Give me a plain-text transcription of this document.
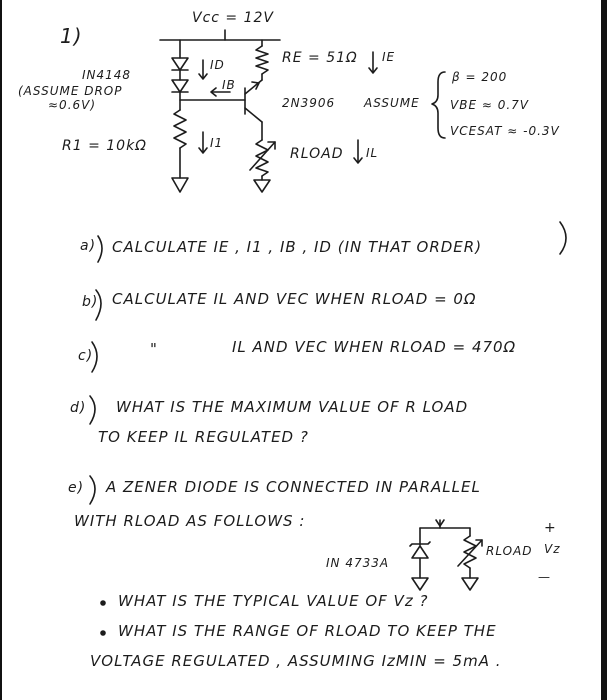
1)
Vcc = 12V
IN4148
(ASSUME DROP
≈0.6V)
ID
IB
R1 = 10kΩ	I1
RE = 51Ω IE
2N3906 ASSUME
β = 200
VBE ≈ 0.7V
VCESAT ≈ -0.3V
RLOAD IL
a) CALCULATE IE , I1 , IB , ID (IN THAT ORDER)
b) CALCULATE IL AND VEC WHEN RLOAD = 0Ω
c)	"	IL AND VEC WHEN RLOAD = 470Ω
d) WHAT IS THE MAXIMUM VALUE OF R LOAD
TO KEEP IL REGULATED ?
e) A ZENER DIODE IS CONNECTED IN PARALLEL
WITH RLOAD AS FOLLOWS :
IN 4733A
RLOAD Vz
+
—
WHAT IS THE TYPICAL VALUE OF Vz ?
WHAT IS THE RANGE OF RLOAD TO KEEP THE
VOLTAGE REGULATED , ASSUMING IzMIN = 5mA .
